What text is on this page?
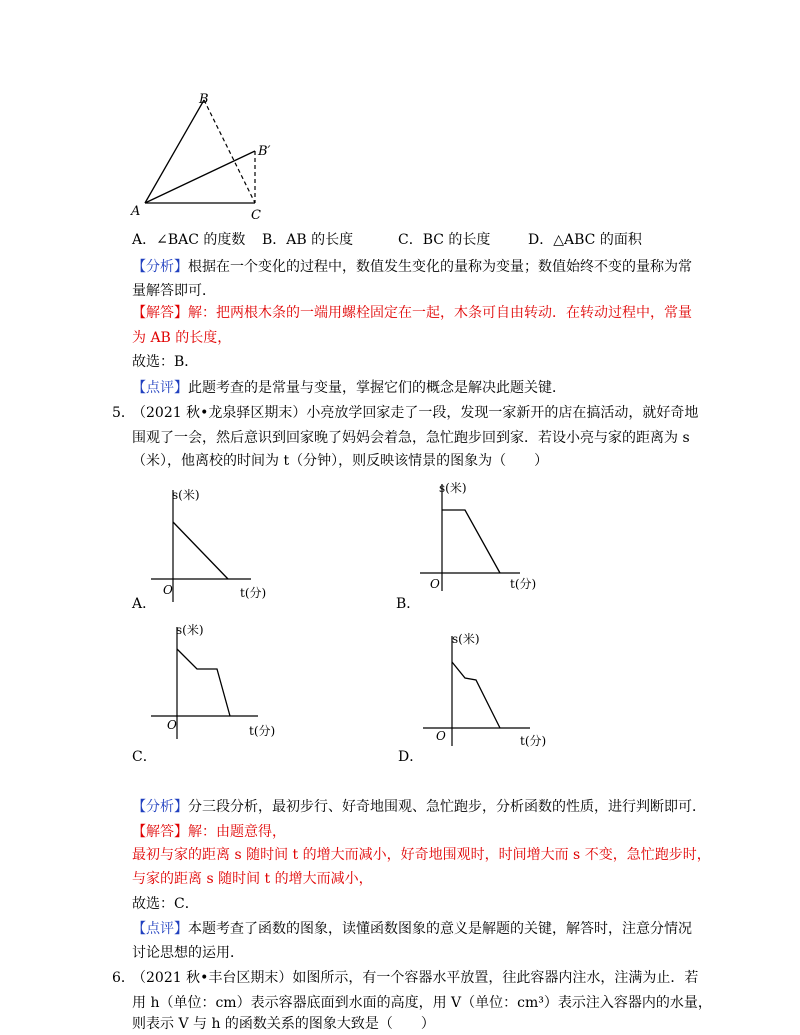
B
B′
A	C
A．∠BAC 的度数 B．AB 的长度	C．BC 的长度	D．△ABC 的面积
【分析】根据在一个变化的过程中，数值发生变化的量称为变量；数值始终不变的量称为常
量解答即可．
【解答】解：把两根木条的一端用螺栓固定在一起，木条可自由转动．在转动过程中，常量
为 AB 的长度，
故选：B．
【点评】此题考查的是常量与变量，掌握它们的概念是解决此题关键．
5．
（2021 秋•龙泉驿区期末）小亮放学回家走了一段，发现一家新开的店在搞活动，就好奇地
围观了一会，然后意识到回家晚了妈妈会着急，急忙跑步回到家．若设小亮与家的距离为 s
（米），他离校的时间为 t（分钟），则反映该情景的图象为（　　）
s(米)
O	t(分)
A．
s(米)
O	t(分)
B．
s(米)
O	t(分)
C．
s(米)
O	t(分)
D．
【分析】分三段分析，最初步行、好奇地围观、急忙跑步，分析函数的性质，进行判断即可．
【解答】解：由题意得，
最初与家的距离 s 随时间 t 的增大而减小，好奇地围观时，时间增大而 s 不变，急忙跑步时，
与家的距离 s 随时间 t 的增大而减小，
故选：C．
【点评】本题考查了函数的图象，读懂函数图象的意义是解题的关键，解答时，注意分情况
讨论思想的运用．
6．
（2021 秋•丰台区期末）如图所示，有一个容器水平放置，往此容器内注水，注满为止．若
用 h（单位：cm）表示容器底面到水面的高度，用 V（单位：cm³）表示注入容器内的水量，
则表示 V 与 h 的函数关系的图象大致是（　　）
